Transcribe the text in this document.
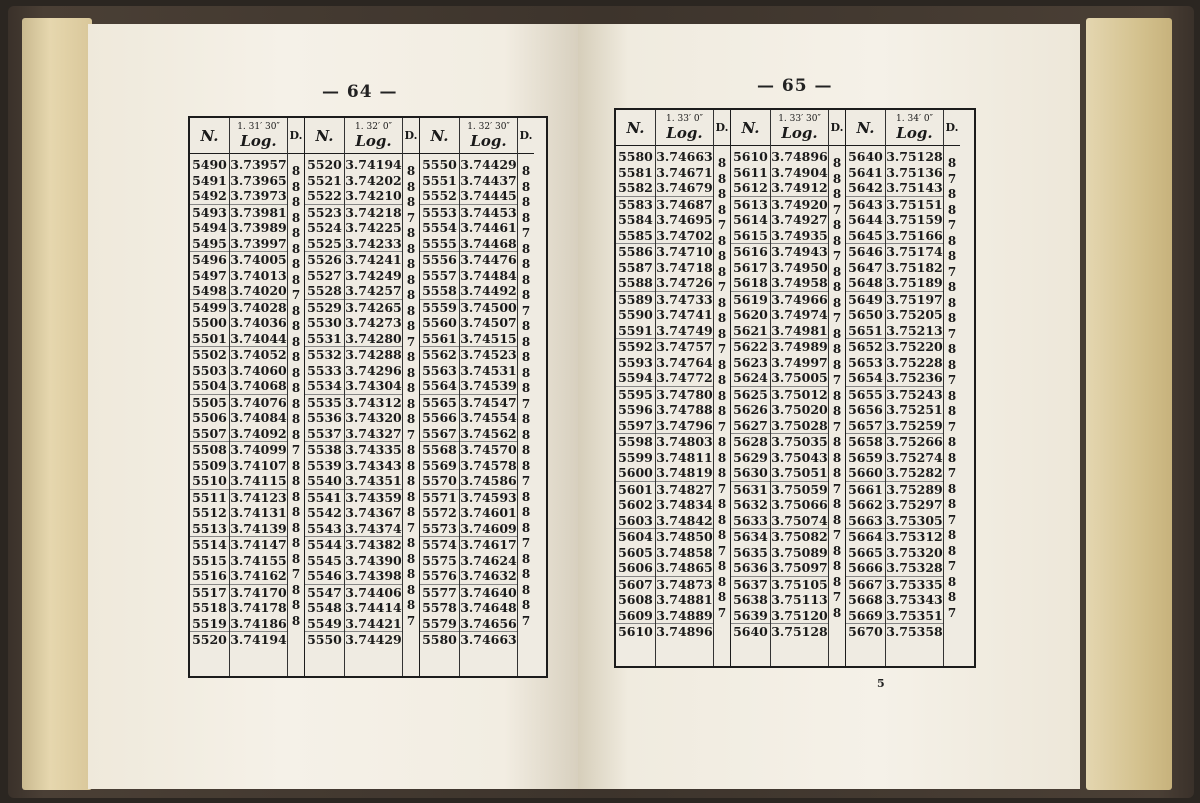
— 64 —	— 65 —
N.
5490
5491
5492
5493
5494
5495
5496
5497
5498
5499
5500
5501
5502
5503
5504
5505
5506
5507
5508
5509
5510
5511
5512
5513
5514
5515
5516
5517
5518
5519
5520
1. 31′ 30″
Log.
3.73957
3.73965
3.73973
3.73981
3.73989
3.73997
3.74005
3.74013
3.74020
3.74028
3.74036
3.74044
3.74052
3.74060
3.74068
3.74076
3.74084
3.74092
3.74099
3.74107
3.74115
3.74123
3.74131
3.74139
3.74147
3.74155
3.74162
3.74170
3.74178
3.74186
3.74194
D.
8
8
8
8
8
8
8
8
7
8
8
8
8
8
8
8
8
8
7
8
8
8
8
8
8
8
7
8
8
8
N.
5520
5521
5522
5523
5524
5525
5526
5527
5528
5529
5530
5531
5532
5533
5534
5535
5536
5537
5538
5539
5540
5541
5542
5543
5544
5545
5546
5547
5548
5549
5550
1. 32′ 0″
Log.
3.74194
3.74202
3.74210
3.74218
3.74225
3.74233
3.74241
3.74249
3.74257
3.74265
3.74273
3.74280
3.74288
3.74296
3.74304
3.74312
3.74320
3.74327
3.74335
3.74343
3.74351
3.74359
3.74367
3.74374
3.74382
3.74390
3.74398
3.74406
3.74414
3.74421
3.74429
D.
8
8
8
7
8
8
8
8
8
8
8
7
8
8
8
8
8
7
8
8
8
8
8
7
8
8
8
8
8
7
N.
5550
5551
5552
5553
5554
5555
5556
5557
5558
5559
5560
5561
5562
5563
5564
5565
5566
5567
5568
5569
5570
5571
5572
5573
5574
5575
5576
5577
5578
5579
5580
1. 32′ 30″
Log.
3.74429
3.74437
3.74445
3.74453
3.74461
3.74468
3.74476
3.74484
3.74492
3.74500
3.74507
3.74515
3.74523
3.74531
3.74539
3.74547
3.74554
3.74562
3.74570
3.74578
3.74586
3.74593
3.74601
3.74609
3.74617
3.74624
3.74632
3.74640
3.74648
3.74656
3.74663
D.
8
8
8
8
7
8
8
8
8
7
8
8
8
8
8
7
8
8
8
8
7
8
8
8
7
8
8
8
8
7
N.
5580
5581
5582
5583
5584
5585
5586
5587
5588
5589
5590
5591
5592
5593
5594
5595
5596
5597
5598
5599
5600
5601
5602
5603
5604
5605
5606
5607
5608
5609
5610
1. 33′ 0″
Log.
3.74663
3.74671
3.74679
3.74687
3.74695
3.74702
3.74710
3.74718
3.74726
3.74733
3.74741
3.74749
3.74757
3.74764
3.74772
3.74780
3.74788
3.74796
3.74803
3.74811
3.74819
3.74827
3.74834
3.74842
3.74850
3.74858
3.74865
3.74873
3.74881
3.74889
3.74896
D.
8
8
8
8
7
8
8
8
7
8
8
8
7
8
8
8
8
7
8
8
8
7
8
8
8
7
8
8
8
7
N.
5610
5611
5612
5613
5614
5615
5616
5617
5618
5619
5620
5621
5622
5623
5624
5625
5626
5627
5628
5629
5630
5631
5632
5633
5634
5635
5636
5637
5638
5639
5640
1. 33′ 30″
Log.
3.74896
3.74904
3.74912
3.74920
3.74927
3.74935
3.74943
3.74950
3.74958
3.74966
3.74974
3.74981
3.74989
3.74997
3.75005
3.75012
3.75020
3.75028
3.75035
3.75043
3.75051
3.75059
3.75066
3.75074
3.75082
3.75089
3.75097
3.75105
3.75113
3.75120
3.75128
D.
8
8
8
7
8
8
7
8
8
8
7
8
8
8
7
8
8
7
8
8
8
7
8
8
7
8
8
8
7
8
N.
5640
5641
5642
5643
5644
5645
5646
5647
5648
5649
5650
5651
5652
5653
5654
5655
5656
5657
5658
5659
5660
5661
5662
5663
5664
5665
5666
5667
5668
5669
5670
1. 34′ 0″
Log.
3.75128
3.75136
3.75143
3.75151
3.75159
3.75166
3.75174
3.75182
3.75189
3.75197
3.75205
3.75213
3.75220
3.75228
3.75236
3.75243
3.75251
3.75259
3.75266
3.75274
3.75282
3.75289
3.75297
3.75305
3.75312
3.75320
3.75328
3.75335
3.75343
3.75351
3.75358
D.
8
7
8
8
7
8
8
7
8
8
8
7
8
8
7
8
8
7
8
8
7
8
8
7
8
8
7
8
8
7
5
